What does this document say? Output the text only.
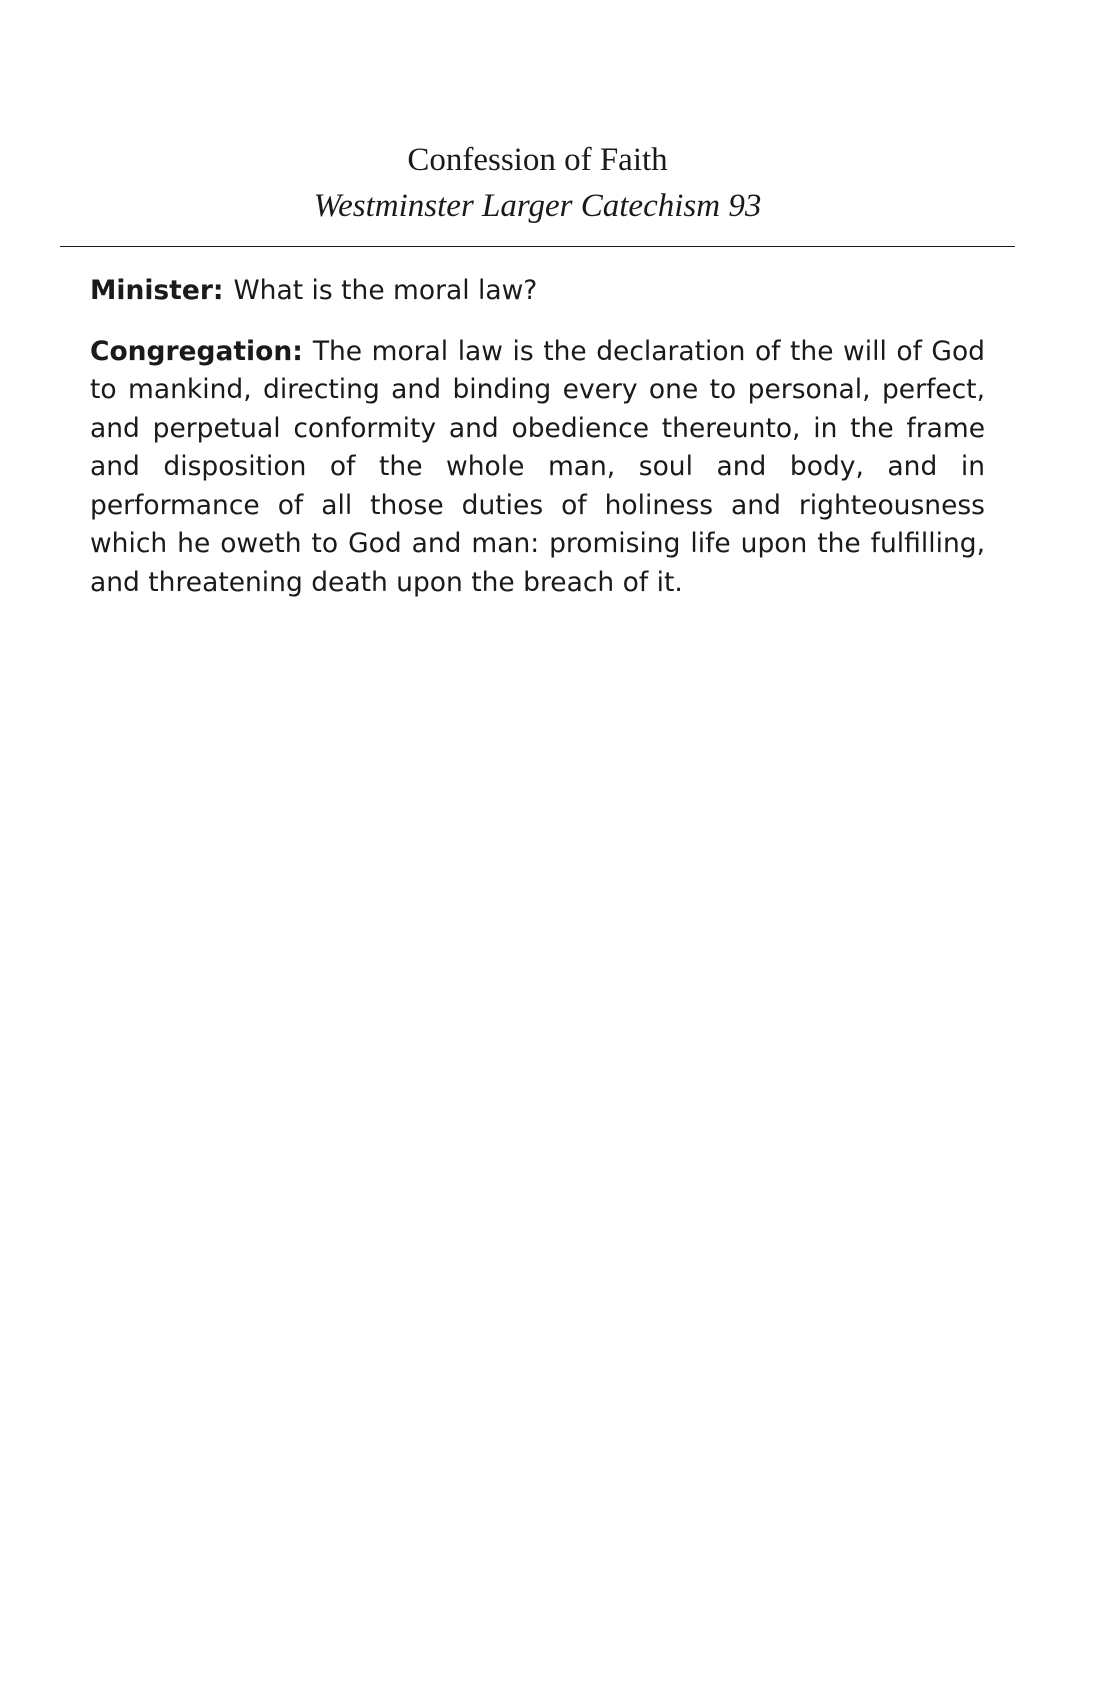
Confession of Faith
Westminster Larger Catechism 93

Minister: What is the moral law?

Congregation: The moral law is the declaration of the will of God to mankind, directing and binding every one to personal, perfect, and perpetual conformity and obedience thereunto, in the frame and disposition of the whole man, soul and body, and in performance of all those duties of holiness and righteousness which he oweth to God and man: promising life upon the fulfilling, and threatening death upon the breach of it.
